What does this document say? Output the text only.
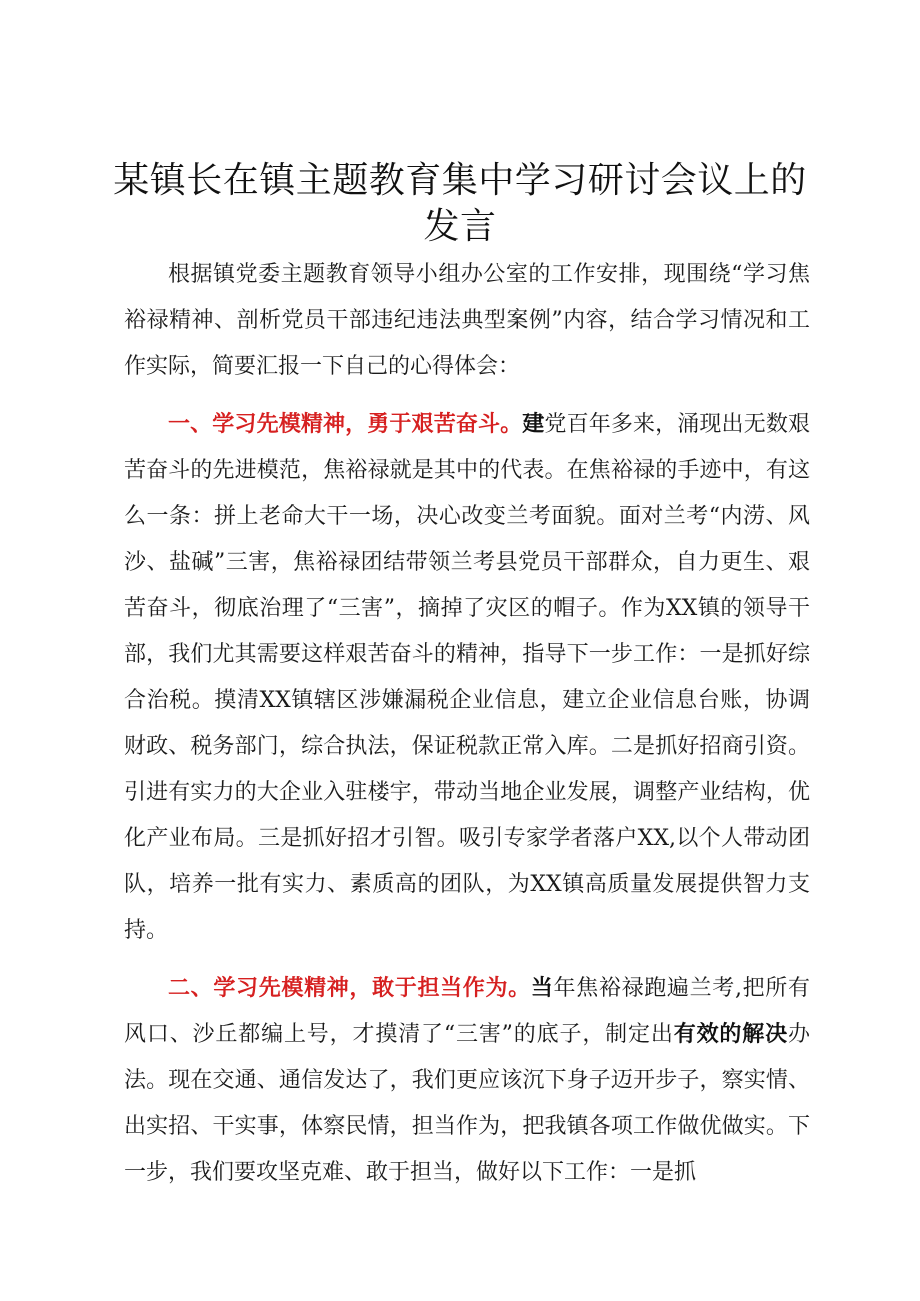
某镇长在镇主题教育集中学习研讨会议上的发言

根据镇党委主题教育领导小组办公室的工作安排，现围绕“学习焦裕禄精神、剖析党员干部违纪违法典型案例”内容，结合学习情况和工作实际，简要汇报一下自己的心得体会：

一、学习先模精神，勇于艰苦奋斗。建党百年多来，涌现出无数艰苦奋斗的先进模范，焦裕禄就是其中的代表。在焦裕禄的手迹中，有这么一条：拼上老命大干一场，决心改变兰考面貌。面对兰考“内涝、风沙、盐碱”三害，焦裕禄团结带领兰考县党员干部群众，自力更生、艰苦奋斗，彻底治理了“三害”，摘掉了灾区的帽子。作为XX镇的领导干部，我们尤其需要这样艰苦奋斗的精神，指导下一步工作：一是抓好综合治税。摸清XX镇辖区涉嫌漏税企业信息，建立企业信息台账，协调财政、税务部门，综合执法，保证税款正常入库。二是抓好招商引资。引进有实力的大企业入驻楼宇，带动当地企业发展，调整产业结构，优化产业布局。三是抓好招才引智。吸引专家学者落户XX,以个人带动团队，培养一批有实力、素质高的团队，为XX镇高质量发展提供智力支持。

二、学习先模精神，敢于担当作为。当年焦裕禄跑遍兰考,把所有风口、沙丘都编上号，才摸清了“三害”的底子，制定出有效的解决办法。现在交通、通信发达了，我们更应该沉下身子迈开步子，察实情、出实招、干实事，体察民情，担当作为，把我镇各项工作做优做实。下一步，我们要攻坚克难、敢于担当，做好以下工作：一是抓
